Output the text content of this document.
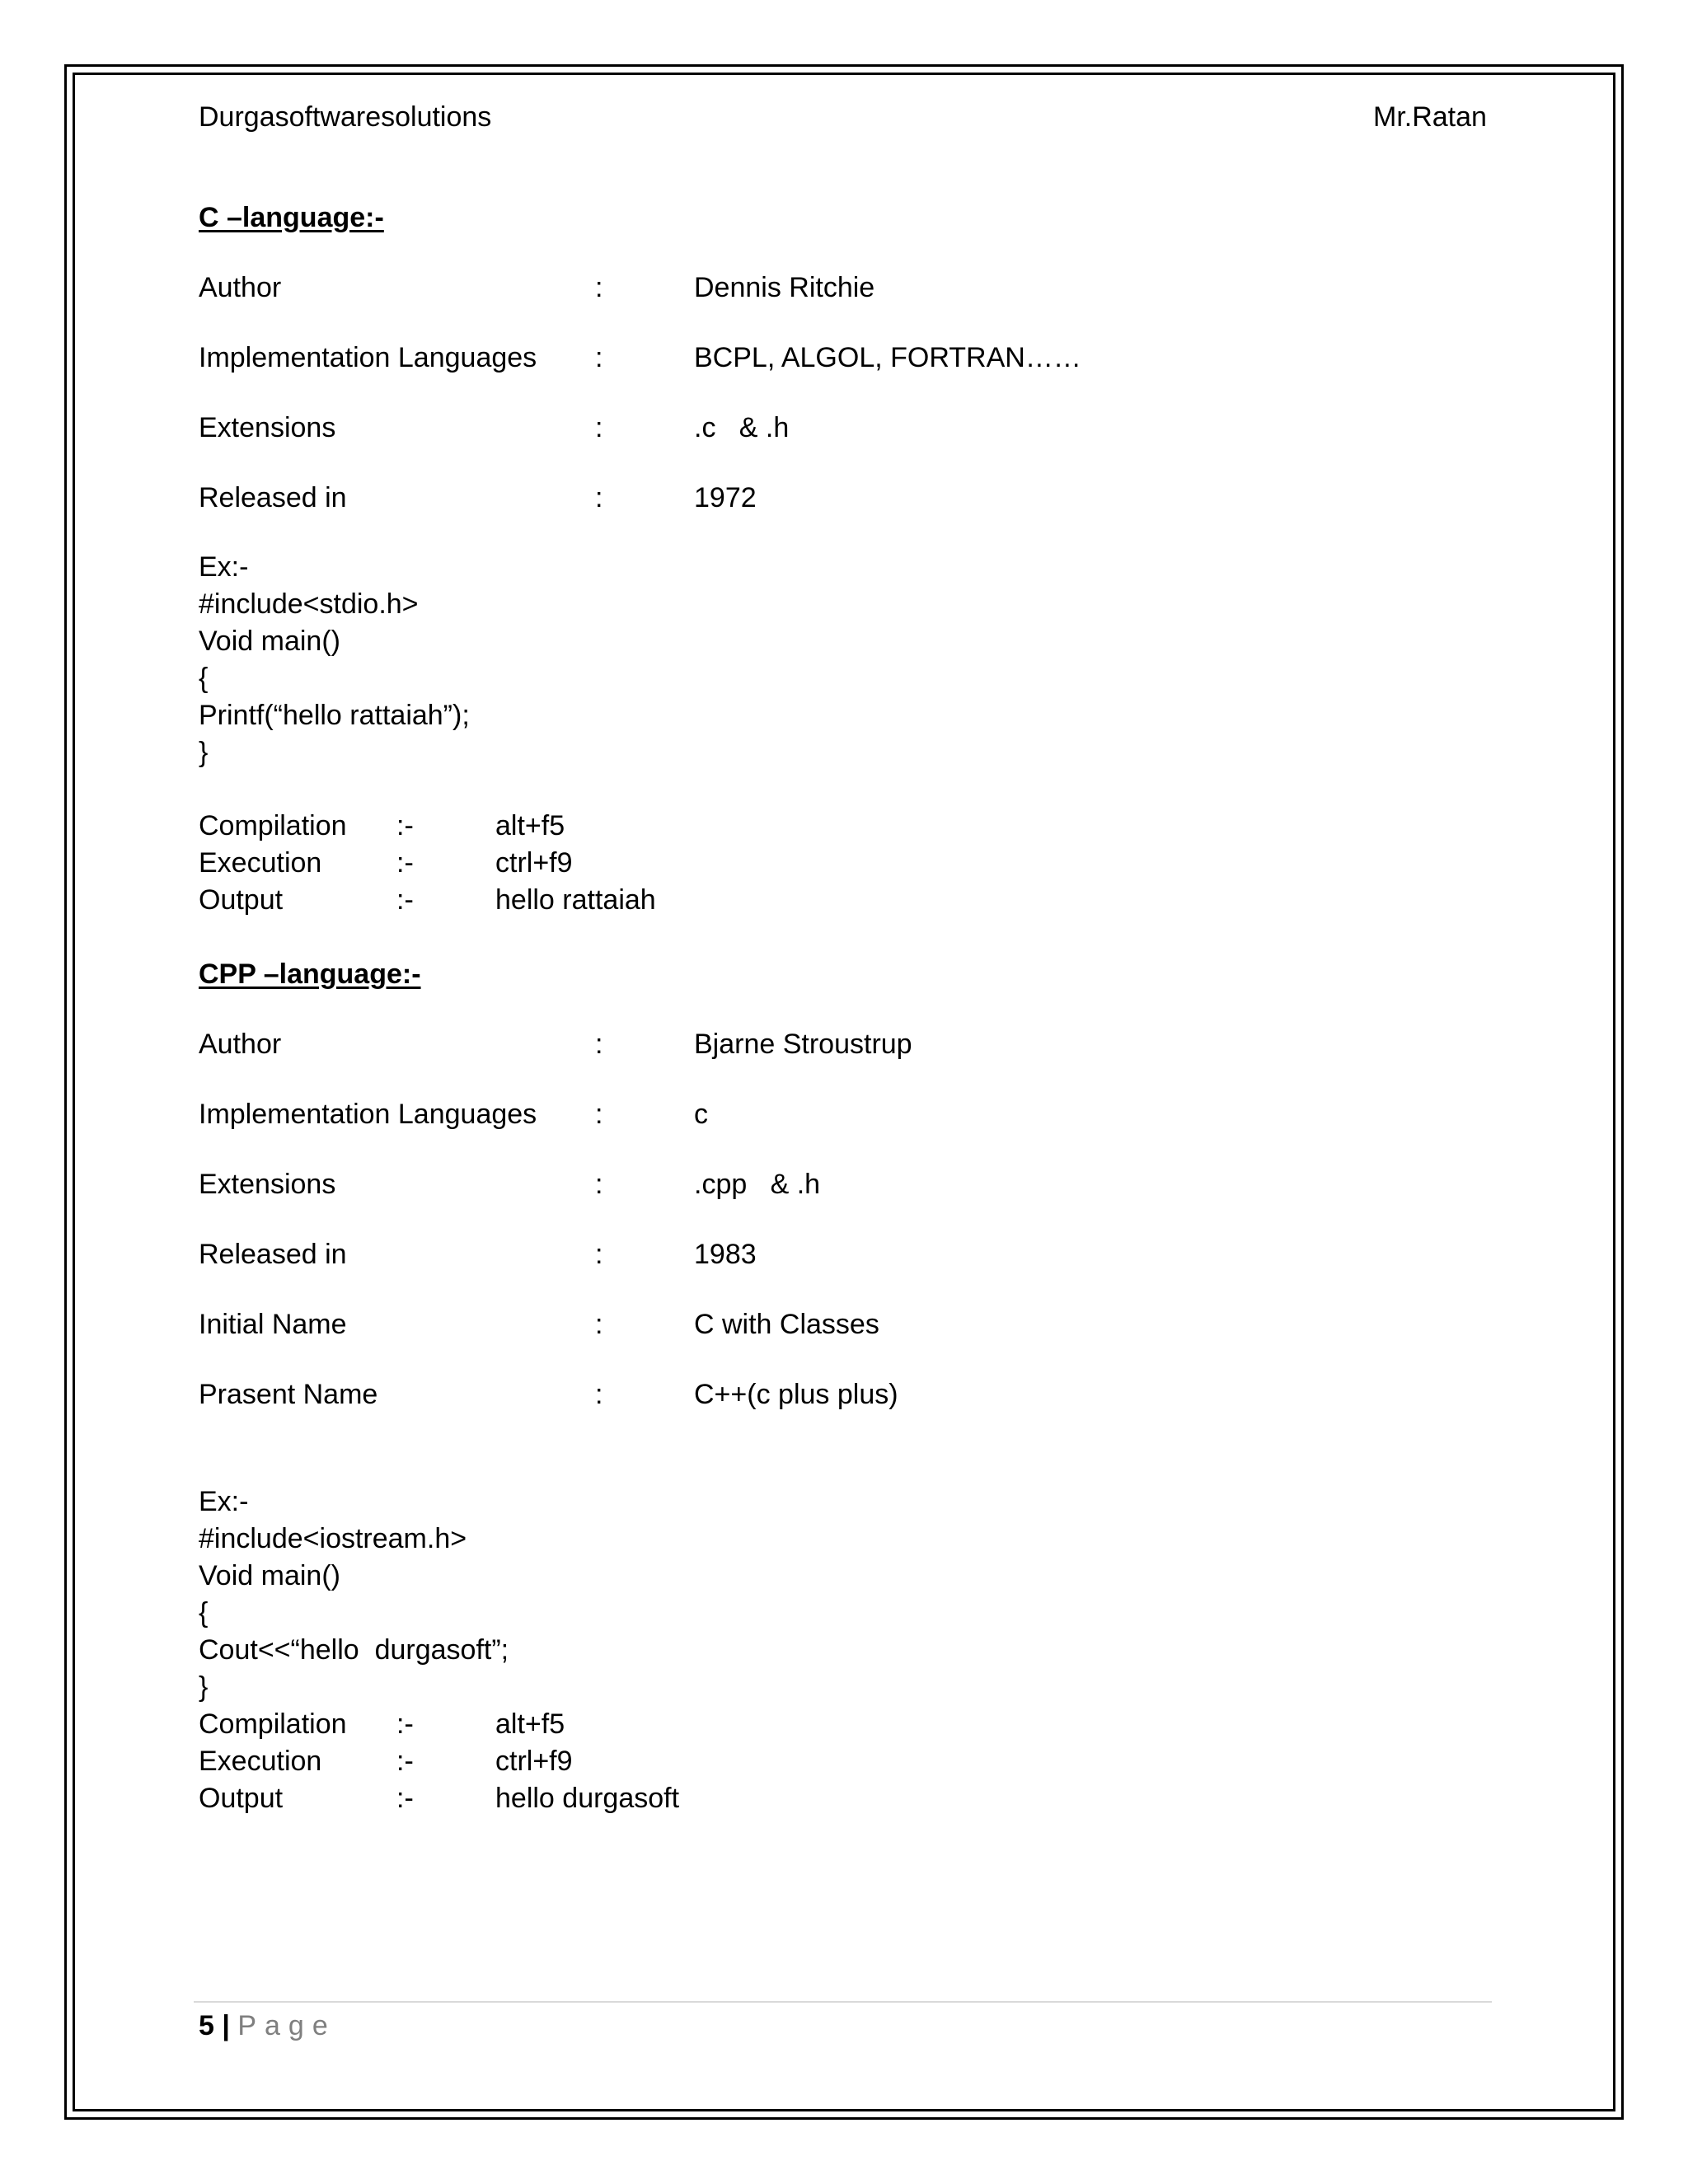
Durgasoftwaresolutions	Mr.Ratan
C –language:-
Author	:	Dennis Ritchie
Implementation Languages :	BCPL, ALGOL, FORTRAN……
Extensions	:	.c   & .h
Released in	:	1972
Ex:-
#include<stdio.h>
Void main()
{
Printf(“hello rattaiah”);
}
Compilation :-	alt+f5
Execution	:-	ctrl+f9
Output	:-	hello rattaiah
CPP –language:-
Author	:	Bjarne Stroustrup
Implementation Languages :	c
Extensions	:	.cpp   & .h
Released in	:	1983
Initial Name	:	C with Classes
Prasent Name	:	C++(c plus plus)
Ex:-
#include<iostream.h>
Void main()
{
Cout<<“hello  durgasoft”;
}
Compilation :-	alt+f5
Execution	:-	ctrl+f9
Output	:-	hello durgasoft
5 | Page
